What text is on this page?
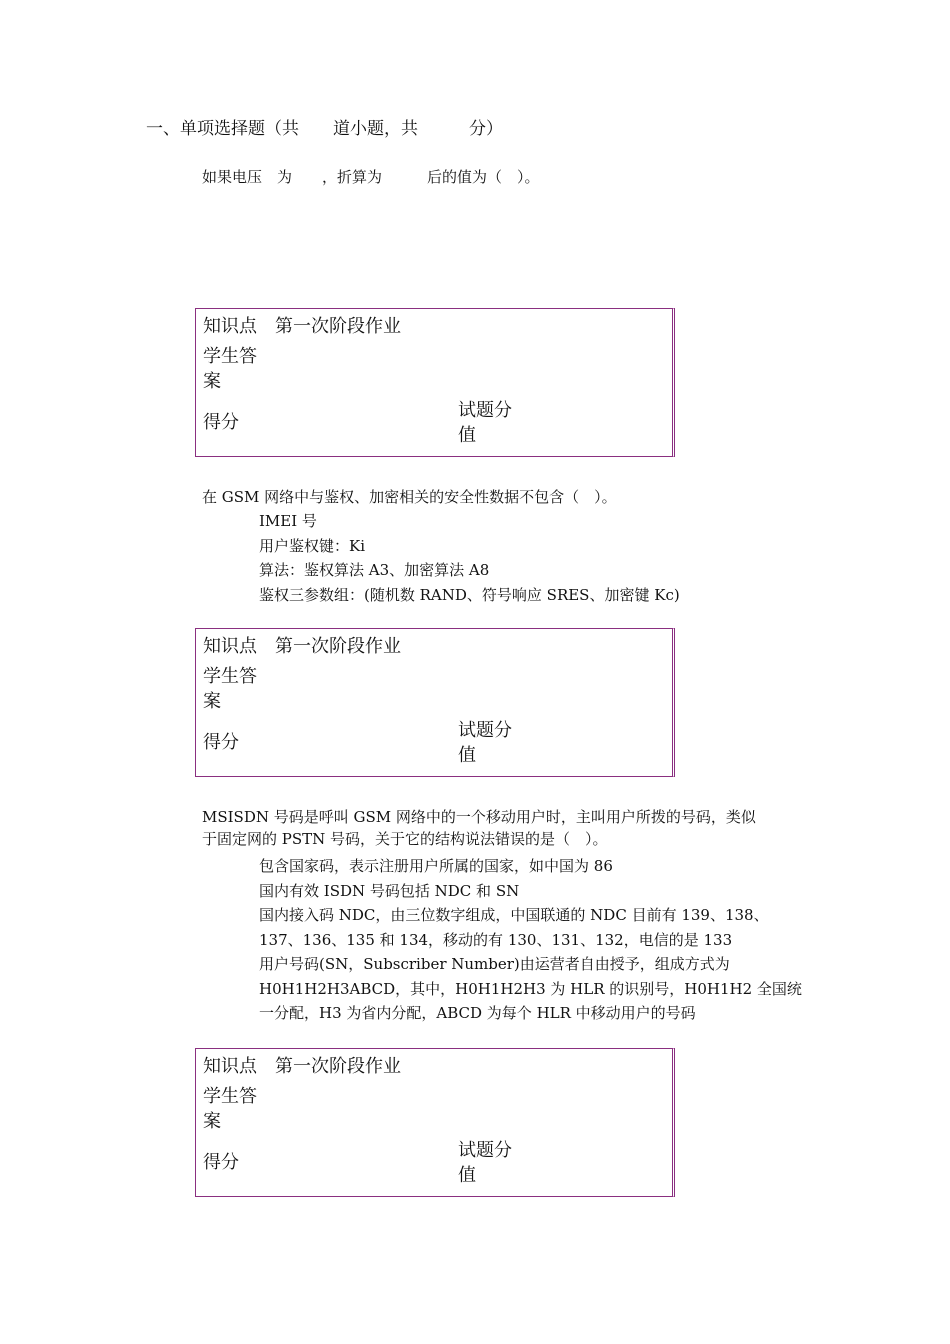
一、单项选择题（共　　道小题，共　　　分）
如果电压　为　　，折算为　　　后的值为（　）。
知识点 第一次阶段作业
学生答案
得分
试题分值
在 GSM 网络中与鉴权、加密相关的安全性数据不包含（　）。
IMEI 号
用户鉴权键：Ki
算法：鉴权算法 A3、加密算法 A8
鉴权三参数组：(随机数 RAND、符号响应 SRES、加密键 Kc)
知识点 第一次阶段作业
学生答案
得分
试题分值
MSISDN 号码是呼叫 GSM 网络中的一个移动用户时，主叫用户所拨的号码，类似
于固定网的 PSTN 号码，关于它的结构说法错误的是（　）。
包含国家码，表示注册用户所属的国家，如中国为 86
国内有效 ISDN 号码包括 NDC 和 SN
国内接入码 NDC，由三位数字组成，中国联通的 NDC 目前有 139、138、
137、136、135 和 134，移动的有 130、131、132，电信的是 133
用户号码(SN，Subscriber Number)由运营者自由授予，组成方式为
H0H1H2H3ABCD，其中，H0H1H2H3 为 HLR 的识别号，H0H1H2 全国统
一分配，H3 为省内分配，ABCD 为每个 HLR 中移动用户的号码
知识点 第一次阶段作业
学生答案
得分
试题分值
